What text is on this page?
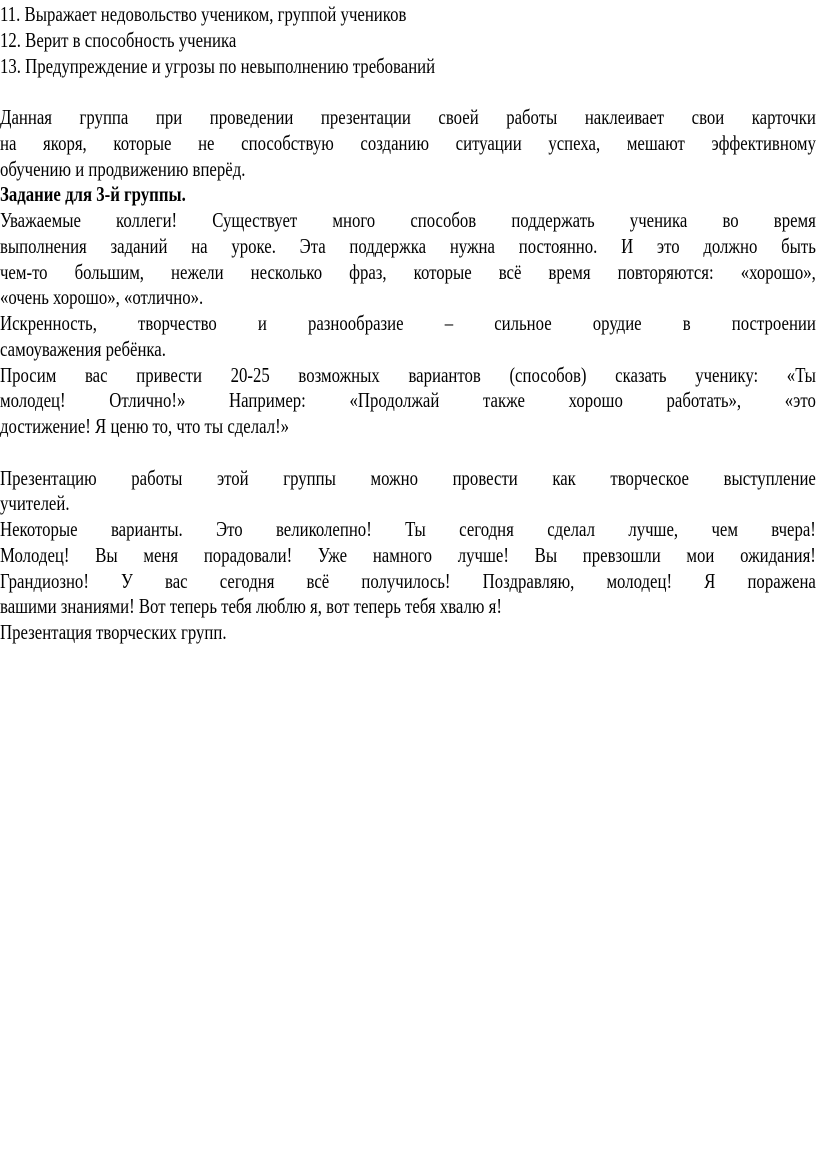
11. Выражает недовольство учеником, группой учеников
12. Верит в способность ученика
13. Предупреждение и угрозы по невыполнению требований
Данная группа при проведении презентации своей работы наклеивает свои карточки
на якоря, которые не способствую созданию ситуации успеха, мешают эффективному
обучению и продвижению вперёд.
Задание для 3-й группы.
Уважаемые коллеги! Существует много способов поддержать ученика во время
выполнения заданий на уроке. Эта поддержка нужна постоянно. И это должно быть
чем-то большим, нежели несколько фраз, которые всё время повторяются: «хорошо»,
«очень хорошо», «отлично».
Искренность, творчество и разнообразие – сильное орудие в построении
самоуважения ребёнка.
Просим вас привести 20-25 возможных вариантов (способов) сказать ученику: «Ты
молодец! Отлично!» Например: «Продолжай также хорошо работать», «это
достижение! Я ценю то, что ты сделал!»
Презентацию работы этой группы можно провести как творческое выступление
учителей.
Некоторые варианты. Это великолепно! Ты сегодня сделал лучше, чем вчера!
Молодец! Вы меня порадовали! Уже намного лучше! Вы превзошли мои ожидания!
Грандиозно! У вас сегодня всё получилось! Поздравляю, молодец! Я поражена
вашими знаниями! Вот теперь тебя люблю я, вот теперь тебя хвалю я!
Презентация творческих групп.
